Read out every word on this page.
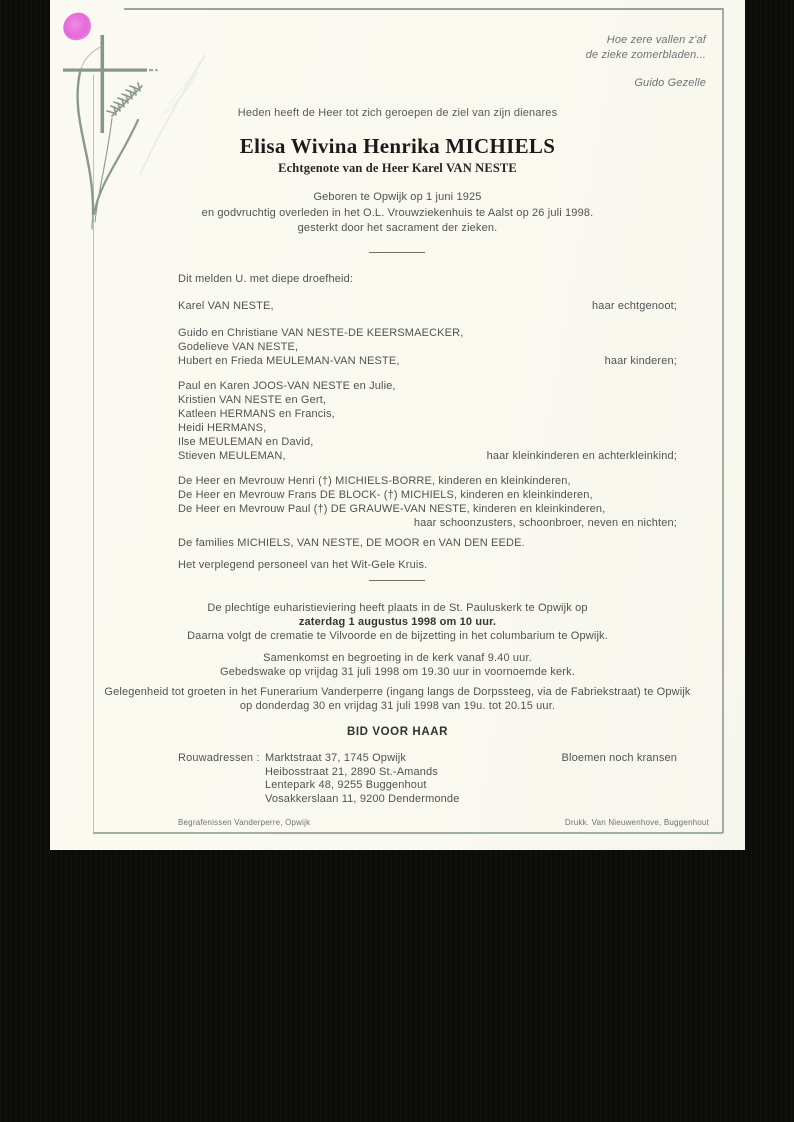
Hoe zere vallen z'af
de zieke zomerbladen...
Guido Gezelle
Heden heeft de Heer tot zich geroepen de ziel van zijn dienares
Elisa Wivina Henrika MICHIELS
Echtgenote van de Heer Karel VAN NESTE
Geboren te Opwijk op 1 juni 1925
en godvruchtig overleden in het O.L. Vrouwziekenhuis te Aalst op 26 juli 1998.
gesterkt door het sacrament der zieken.
Dit melden U. met diepe droefheid:
Karel VAN NESTE,	haar echtgenoot;
Guido en Christiane VAN NESTE-DE KEERSMAECKER,
Godelieve VAN NESTE,
Hubert en Frieda MEULEMAN-VAN NESTE,	haar kinderen;
Paul en Karen JOOS-VAN NESTE en Julie,
Kristien VAN NESTE en Gert,
Katleen HERMANS en Francis,
Heidi HERMANS,
Ilse MEULEMAN en David,
Stieven MEULEMAN,	haar kleinkinderen en achterkleinkind;
De Heer en Mevrouw Henri (†) MICHIELS-BORRE, kinderen en kleinkinderen,
De Heer en Mevrouw Frans DE BLOCK- (†) MICHIELS, kinderen en kleinkinderen,
De Heer en Mevrouw Paul (†) DE GRAUWE-VAN NESTE, kinderen en kleinkinderen,
haar schoonzusters, schoonbroer, neven en nichten;
De families MICHIELS, VAN NESTE, DE MOOR en VAN DEN EEDE.
Het verplegend personeel van het Wit-Gele Kruis.
De plechtige euharistieviering heeft plaats in de St. Pauluskerk te Opwijk op
zaterdag 1 augustus 1998 om 10 uur.
Daarna volgt de crematie te Vilvoorde en de bijzetting in het columbarium te Opwijk.
Samenkomst en begroeting in de kerk vanaf 9.40 uur.
Gebedswake op vrijdag 31 juli 1998 om 19.30 uur in voornoemde kerk.
Gelegenheid tot groeten in het Funerarium Vanderperre (ingang langs de Dorpssteeg, via de Fabriekstraat) te Opwijk
op donderdag 30 en vrijdag 31 juli 1998 van 19u. tot 20.15 uur.
BID VOOR HAAR
Rouwadressen : Marktstraat 37, 1745 Opwijk
Heibosstraat 21, 2890 St.-Amands
Lentepark 48, 9255 Buggenhout
Vosakkerslaan 11, 9200 Dendermonde
Bloemen noch kransen
Begrafenissen Vanderperre, Opwijk	Drukk. Van Nieuwenhove, Buggenhout
